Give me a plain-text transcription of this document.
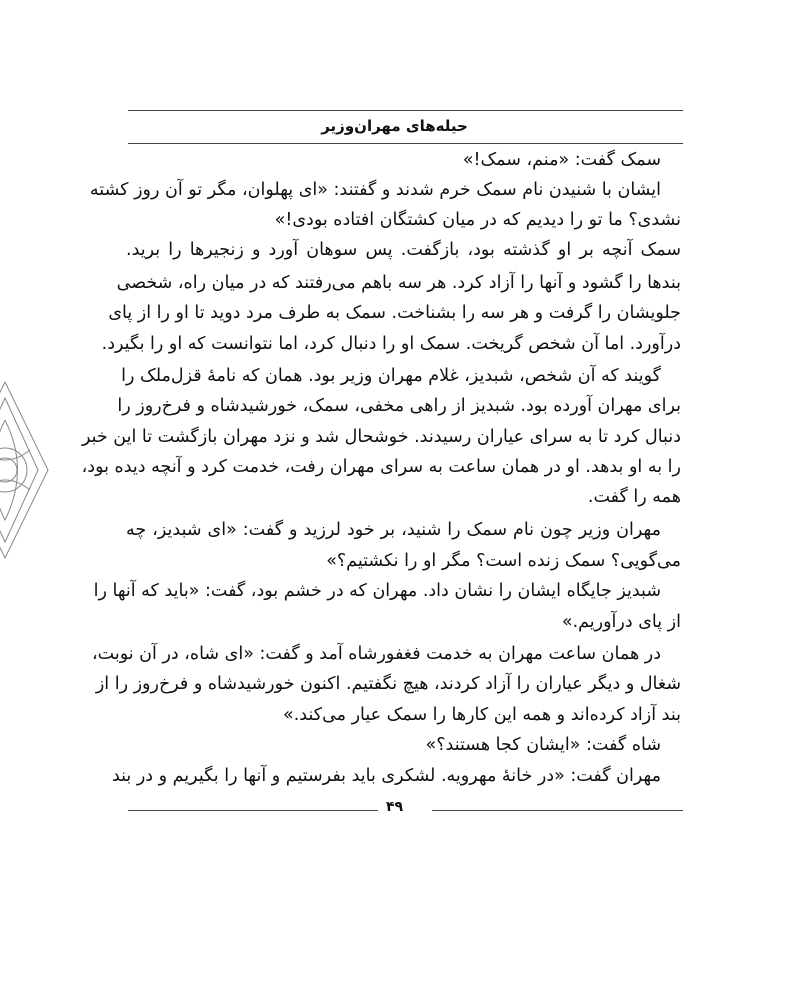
حیله‌های مهران‌وزیر
سمک گفت: «منم، سمک!»
ایشان با شنیدن نام سمک خرم شدند و گفتند: «ای پهلوان، مگر تو آن روز کشته
نشدی؟ ما تو را دیدیم که در میان کشتگان افتاده بودی!»
سمک آنچه بر او گذشته بود، بازگفت. پس سوهان آورد و زنجیرها را برید.
بندها را گشود و آنها را آزاد کرد. هر سه باهم می‌رفتند که در میان راه، شخصی
جلویشان را گرفت و هر سه را بشناخت. سمک به طرف مرد دوید تا او را از پای
درآورد. اما آن شخص گریخت. سمک او را دنبال کرد، اما نتوانست که او را بگیرد.
گویند که آن شخص، شبدیز، غلام مهران وزیر بود. همان که نامهٔ قزل‌ملک را
برای مهران آورده بود. شبدیز از راهی مخفی، سمک، خورشیدشاه و فرخ‌روز را
دنبال کرد تا به سرای عیاران رسیدند. خوشحال شد و نزد مهران بازگشت تا این خبر
را به او بدهد. او در همان ساعت به سرای مهران رفت، خدمت کرد و آنچه دیده بود،
همه را گفت.
مهران وزیر چون نام سمک را شنید، بر خود لرزید و گفت: «ای شبدیز، چه
می‌گویی؟ سمک زنده است؟ مگر او را نکشتیم؟»
شبدیز جایگاه ایشان را نشان داد. مهران که در خشم بود، گفت: «باید که آنها را
از پای درآوریم.»
در همان ساعت مهران به خدمت فغفورشاه آمد و گفت: «ای شاه، در آن نوبت،
شغال و دیگر عیاران را آزاد کردند، هیچ نگفتیم. اکنون خورشیدشاه و فرخ‌روز را از
بند آزاد کرده‌اند و همه این کارها را سمک عیار می‌کند.»
شاه گفت: «ایشان کجا هستند؟»
مهران گفت: «در خانهٔ مهرویه. لشکری باید بفرستیم و آنها را بگیریم و در بند
۴۹
